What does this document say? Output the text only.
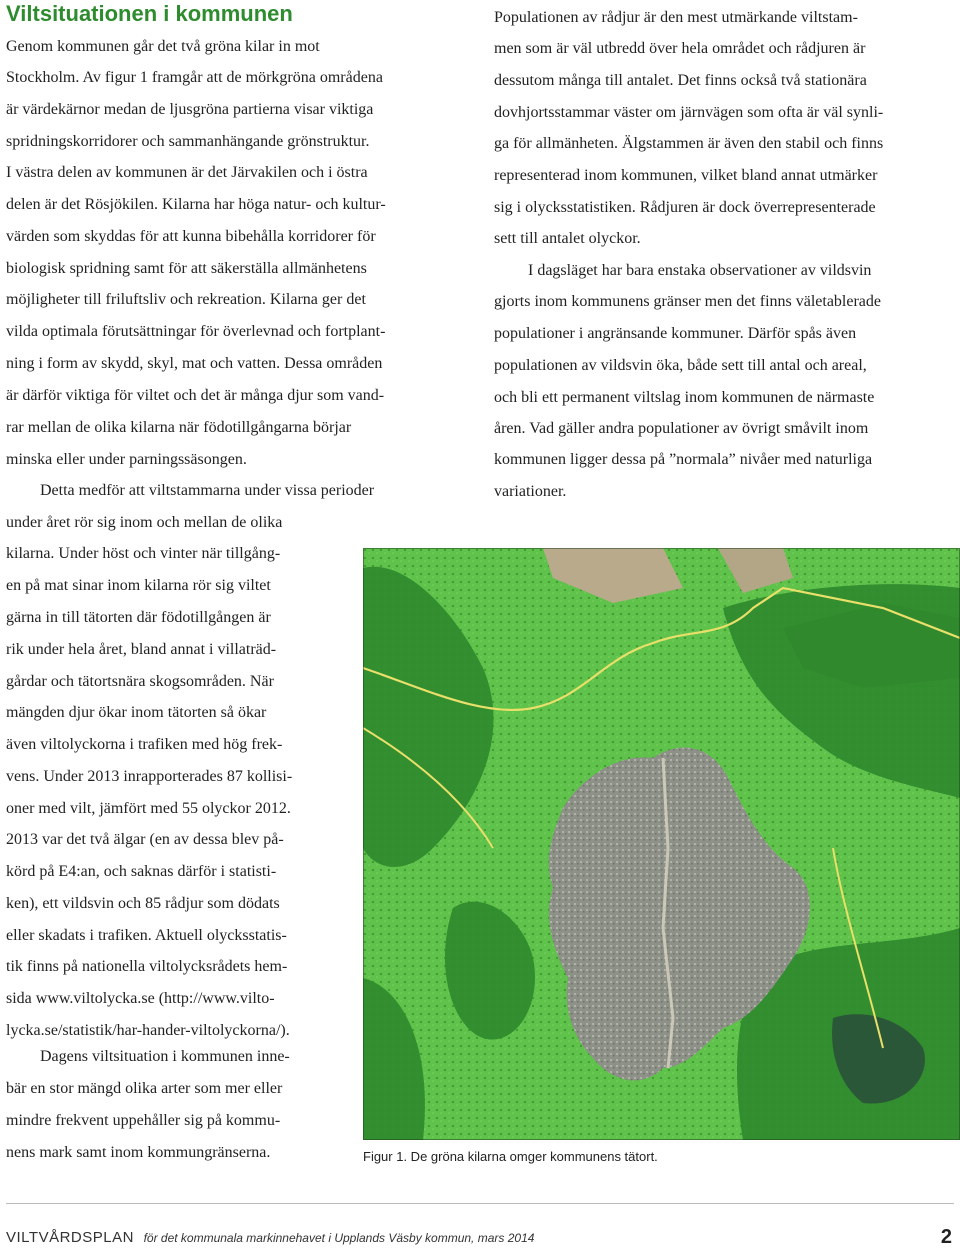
Viltsituationen i kommunen

Genom kommunen går det två gröna kilar in mot

Stockholm. Av figur 1 framgår att de mörkgröna områdena

är värdekärnor medan de ljusgröna partierna visar viktiga

spridningskorridorer och sammanhängande grönstruktur.

I västra delen av kommunen är det Järvakilen och i östra

delen är det Rösjökilen. Kilarna har höga natur- och kultur-

värden som skyddas för att kunna bibehålla korridorer för

biologisk spridning samt för att säkerställa allmänhetens

möjligheter till friluftsliv och rekreation. Kilarna ger det

vilda optimala förutsättningar för överlevnad och fortplant-

ning i form av skydd, skyl, mat och vatten. Dessa områden

är därför viktiga för viltet och det är många djur som vand-

rar mellan de olika kilarna när födotillgångarna börjar

minska eller under parningssäsongen.

Detta medför att viltstammarna under vissa perioder

under året rör sig inom och mellan de olika

kilarna. Under höst och vinter när tillgång-

en på mat sinar inom kilarna rör sig viltet

gärna in till tätorten där födotillgången är

rik under hela året, bland annat i villaträd-

gårdar och tätortsnära skogsområden. När

mängden djur ökar inom tätorten så ökar

även viltolyckorna i trafiken med hög frek-

vens. Under 2013 inrapporterades 87 kollisi-

oner med vilt, jämfört med 55 olyckor 2012.

2013 var det två älgar (en av dessa blev på-

körd på E4:an, och saknas därför i statisti-

ken), ett vildsvin och 85 rådjur som dödats

eller skadats i trafiken. Aktuell olycksstatis-

tik finns på nationella viltolycksrådets hem-

sida www.viltolycka.se (http://www.vilto-

lycka.se/statistik/har-hander-viltolyckorna/).

Dagens viltsituation i kommunen inne-

bär en stor mängd olika arter som mer eller

mindre frekvent uppehåller sig på kommu-

nens mark samt inom kommungränserna.

Populationen av rådjur är den mest utmärkande viltstam-

men som är väl utbredd över hela området och rådjuren är

dessutom många till antalet. Det finns också två stationära

dovhjortsstammar väster om järnvägen som ofta är väl synli-

ga för allmänheten. Älgstammen är även den stabil och finns

representerad inom kommunen, vilket bland annat utmärker

sig i olycksstatistiken. Rådjuren är dock överrepresenterade

sett till antalet olyckor.

I dagsläget har bara enstaka observationer av vildsvin

gjorts inom kommunens gränser men det finns väletablerade

populationer i angränsande kommuner. Därför spås även

populationen av vildsvin öka, både sett till antal och areal,

och bli ett permanent viltslag inom kommunen de närmaste

åren. Vad gäller andra populationer av övrigt småvilt inom

kommunen ligger dessa på ”normala” nivåer med naturliga

variationer.

Figur 1. De gröna kilarna omger kommunens tätort.

VILTVÅRDSPLAN för det kommunala markinnehavet i Upplands Väsby kommun, mars 2014	2
